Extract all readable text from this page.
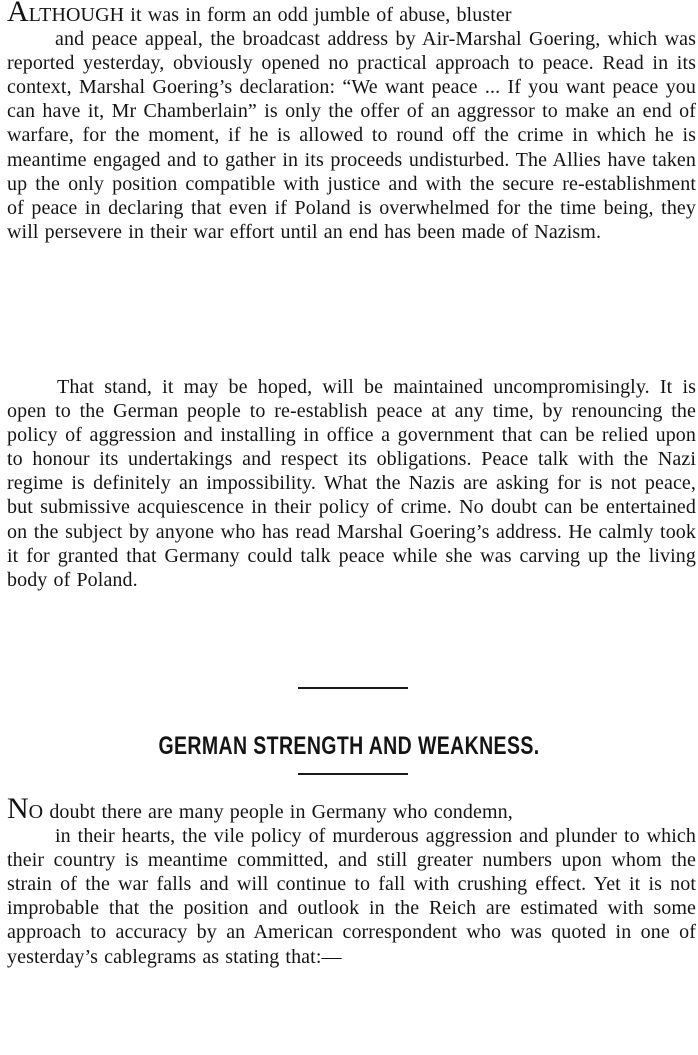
ALTHOUGH it was in form an odd jumble of abuse, bluster
and peace appeal, the broadcast address by Air-Marshal Goering, which was reported yesterday, obviously opened no practical approach to peace. Read in its context, Marshal Goering’s declaration: “We want peace ... If you want peace you can have it, Mr Chamberlain” is only the offer of an aggressor to make an end of warfare, for the moment, if he is allowed to round off the crime in which he is meantime engaged and to gather in its proceeds undisturbed. The Allies have taken up the only position compatible with justice and with the secure re-establishment of peace in declaring that even if Poland is overwhelmed for the time being, they will persevere in their war effort until an end has been made of Nazism.

That stand, it may be hoped, will be maintained uncompromisingly. It is open to the German people to re-establish peace at any time, by renouncing the policy of aggression and installing in office a government that can be relied upon to honour its undertakings and respect its obligations. Peace talk with the Nazi regime is definitely an impossibility. What the Nazis are asking for is not peace, but submissive acquiescence in their policy of crime. No doubt can be entertained on the subject by anyone who has read Marshal Goering’s address. He calmly took it for granted that Germany could talk peace while she was carving up the living body of Poland.

GERMAN STRENGTH AND WEAKNESS.

NO doubt there are many people in Germany who condemn,
in their hearts, the vile policy of murderous aggression and plunder to which their country is meantime committed, and still greater numbers upon whom the strain of the war falls and will continue to fall with crushing effect. Yet it is not improbable that the position and outlook in the Reich are estimated with some approach to accuracy by an American correspondent who was quoted in one of yesterday’s cablegrams as stating that:—
